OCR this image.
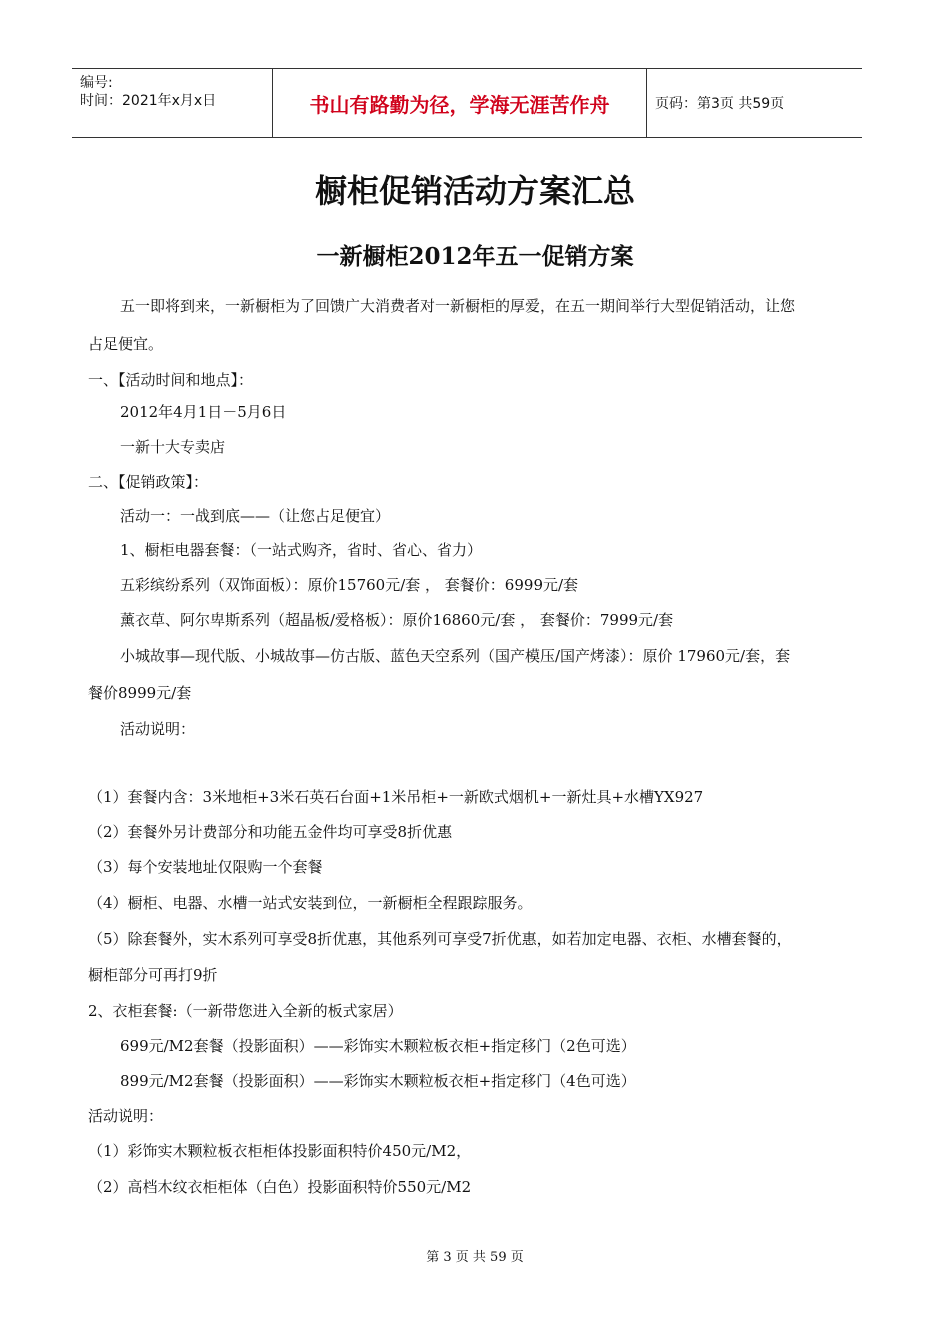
编号:
时间：2021年x月x日	书山有路勤为径，学海无涯苦作舟	页码：第3页 共59页
橱柜促销活动方案汇总
一新橱柜2012年五一促销方案
五一即将到来，一新橱柜为了回馈广大消费者对一新橱柜的厚爱，在五一期间举行大型促销活动，让您
占足便宜。
一、【活动时间和地点】：
2012年4月1日－5月6日
一新十大专卖店
二、【促销政策】：
活动一：一战到底——（让您占足便宜）
1、橱柜电器套餐：（一站式购齐，省时、省心、省力）
五彩缤纷系列（双饰面板）：原价15760元/套 ， 套餐价：6999元/套
薰衣草、阿尔卑斯系列（超晶板/爱格板）：原价16860元/套 ， 套餐价：7999元/套
小城故事—现代版、小城故事—仿古版、蓝色天空系列（国产模压/国产烤漆）：原价 17960元/套，套
餐价8999元/套
活动说明：
（1）套餐内含：3米地柜+3米石英石台面+1米吊柜+一新欧式烟机+一新灶具+水槽YX927
（2）套餐外另计费部分和功能五金件均可享受8折优惠
（3）每个安装地址仅限购一个套餐
（4）橱柜、电器、水槽一站式安装到位，一新橱柜全程跟踪服务。
（5）除套餐外，实木系列可享受8折优惠，其他系列可享受7折优惠，如若加定电器、衣柜、水槽套餐的，
橱柜部分可再打9折
2、衣柜套餐:（一新带您进入全新的板式家居）
699元/M2套餐（投影面积）——彩饰实木颗粒板衣柜+指定移门（2色可选）
899元/M2套餐（投影面积）——彩饰实木颗粒板衣柜+指定移门（4色可选）
活动说明：
（1）彩饰实木颗粒板衣柜柜体投影面积特价450元/M2，
（2）高档木纹衣柜柜体（白色）投影面积特价550元/M2
第 3 页 共 59 页
